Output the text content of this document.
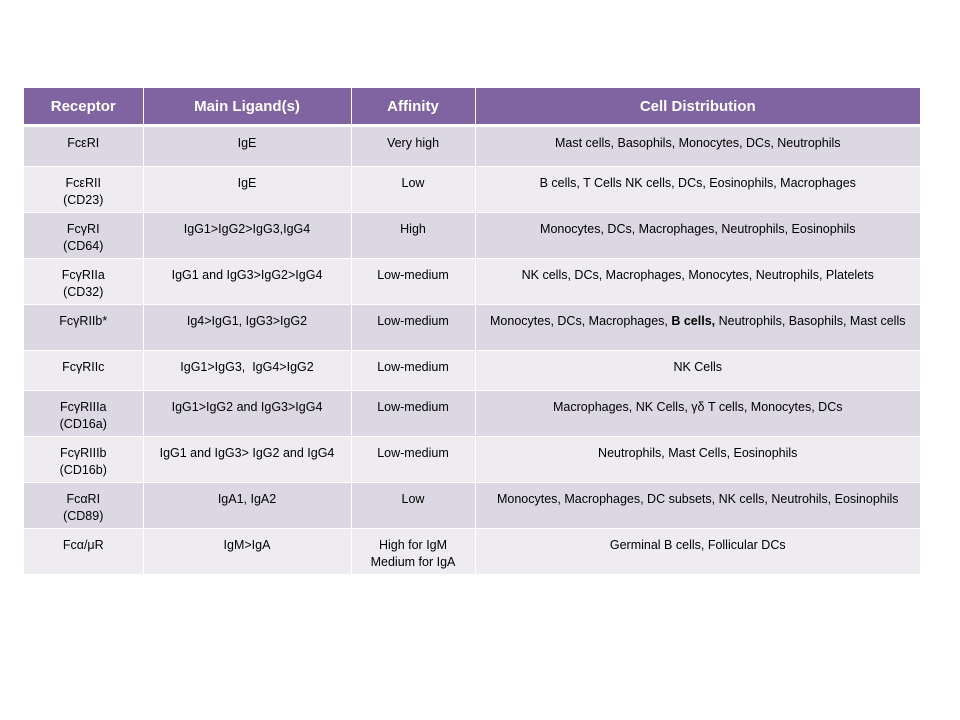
Receptor	Main Ligand(s)	Affinity	Cell Distribution
FcεRI	IgE	Very high	Mast cells, Basophils, Monocytes, DCs, Neutrophils
FcεRII (CD23)	IgE	Low	B cells, T Cells NK cells, DCs, Eosinophils, Macrophages
FcγRI (CD64)	IgG1>IgG2>IgG3,IgG4	High	Monocytes, DCs, Macrophages, Neutrophils, Eosinophils
FcγRIIa (CD32)	IgG1 and IgG3>IgG2>IgG4	Low-medium	NK cells, DCs, Macrophages, Monocytes, Neutrophils, Platelets
FcγRIIb*	Ig4>IgG1, IgG3>IgG2	Low-medium	Monocytes, DCs, Macrophages, B cells, Neutrophils, Basophils, Mast cells
FcγRIIc	IgG1>IgG3,  IgG4>IgG2	Low-medium	NK Cells
FcγRIIIa (CD16a)	IgG1>IgG2 and IgG3>IgG4	Low-medium	Macrophages, NK Cells, γδ T cells, Monocytes, DCs
FcγRIIIb (CD16b)	IgG1 and IgG3> IgG2 and IgG4	Low-medium	Neutrophils, Mast Cells, Eosinophils
FcαRI (CD89)	IgA1, IgA2	Low	Monocytes, Macrophages, DC subsets, NK cells, Neutrohils, Eosinophils
Fcα/μR	IgM>IgA	High for IgM Medium for IgA	Germinal B cells, Follicular DCs
